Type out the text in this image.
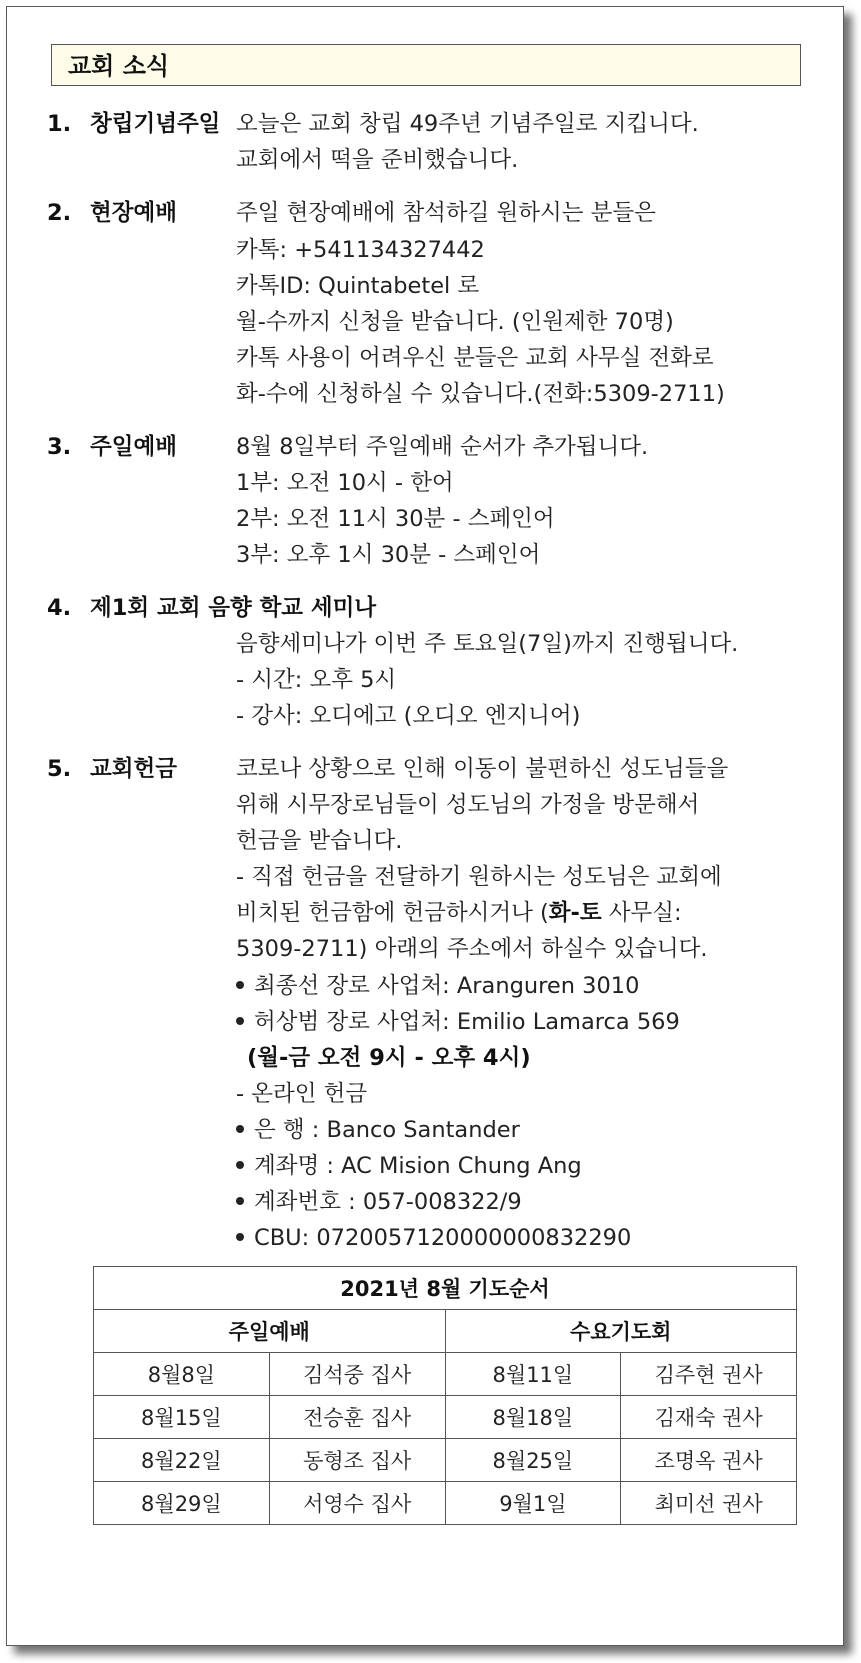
교회 소식
1. 창립기념주일 오늘은 교회 창립 49주년 기념주일로 지킵니다.
교회에서 떡을 준비했습니다.
2. 현장예배	주일 현장예배에 참석하길 원하시는 분들은
카톡: +541134327442
카톡ID: Quintabetel 로
월-수까지 신청을 받습니다. (인원제한 70명)
카톡 사용이 어려우신 분들은 교회 사무실 전화로
화-수에 신청하실 수 있습니다.(전화:5309-2711)
3. 주일예배	8월 8일부터 주일예배 순서가 추가됩니다.
1부: 오전 10시 - 한어
2부: 오전 11시 30분 - 스페인어
3부: 오후 1시 30분 - 스페인어
4. 제1회 교회 음향 학교 세미나
음향세미나가 이번 주 토요일(7일)까지 진행됩니다.
- 시간: 오후 5시
- 강사: 오디에고 (오디오 엔지니어)
5. 교회헌금	코로나 상황으로 인해 이동이 불편하신 성도님들을
위해 시무장로님들이 성도님의 가정을 방문해서
헌금을 받습니다.
- 직접 헌금을 전달하기 원하시는 성도님은 교회에
비치된 헌금함에 헌금하시거나 (화-토 사무실:
5309-2711) 아래의 주소에서 하실수 있습니다.
최종선 장로 사업처: Aranguren 3010
허상범 장로 사업처: Emilio Lamarca 569
(월-금 오전 9시 - 오후 4시)
- 온라인 헌금
은 행 : Banco Santander
계좌명 : AC Mision Chung Ang
계좌번호 : 057-008322/9
CBU: 0720057120000000832290
2021년 8월 기도순서			
주일예배		수요기도회	
8월8일	김석중 집사	8월11일	김주현 권사
8월15일	전승훈 집사	8월18일	김재숙 권사
8월22일	동형조 집사	8월25일	조명옥 권사
8월29일	서영수 집사	9월1일	최미선 권사
